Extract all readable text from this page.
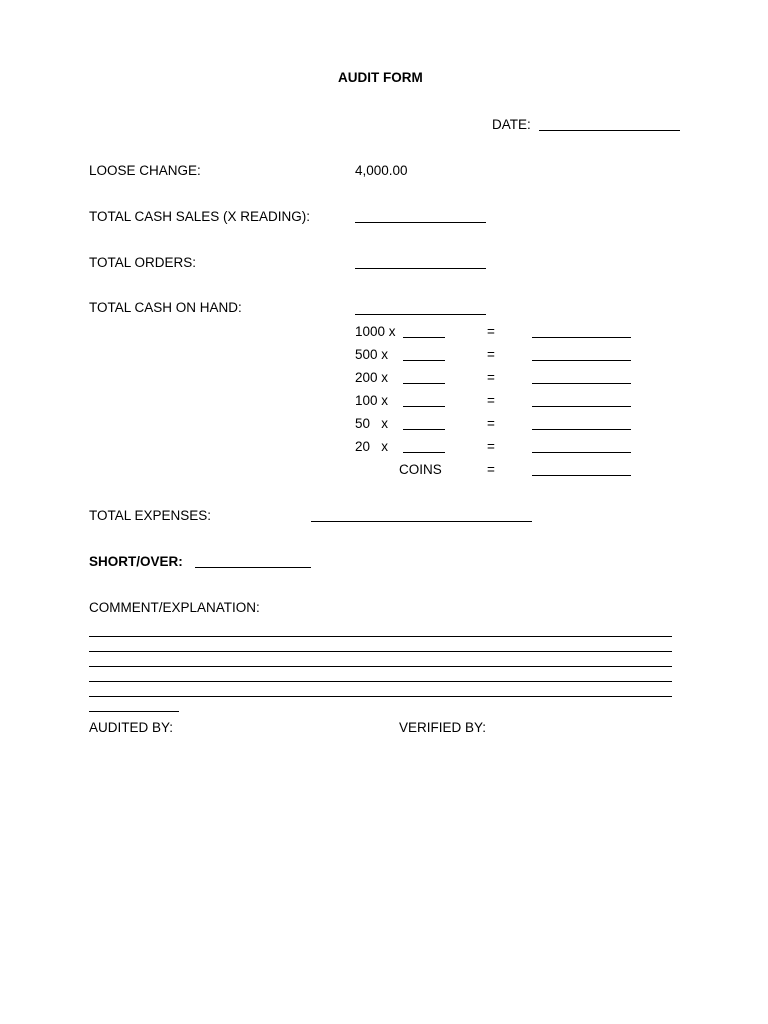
AUDIT FORM
DATE:
LOOSE CHANGE:	4,000.00
TOTAL CASH SALES (X READING):
TOTAL ORDERS:
TOTAL CASH ON HAND:
1000 x	=
500 x	=
200 x	=
100 x	=
50   x	=
20   x	=
COINS	=
TOTAL EXPENSES:
SHORT/OVER:
COMMENT/EXPLANATION:
AUDITED BY:	VERIFIED BY:
